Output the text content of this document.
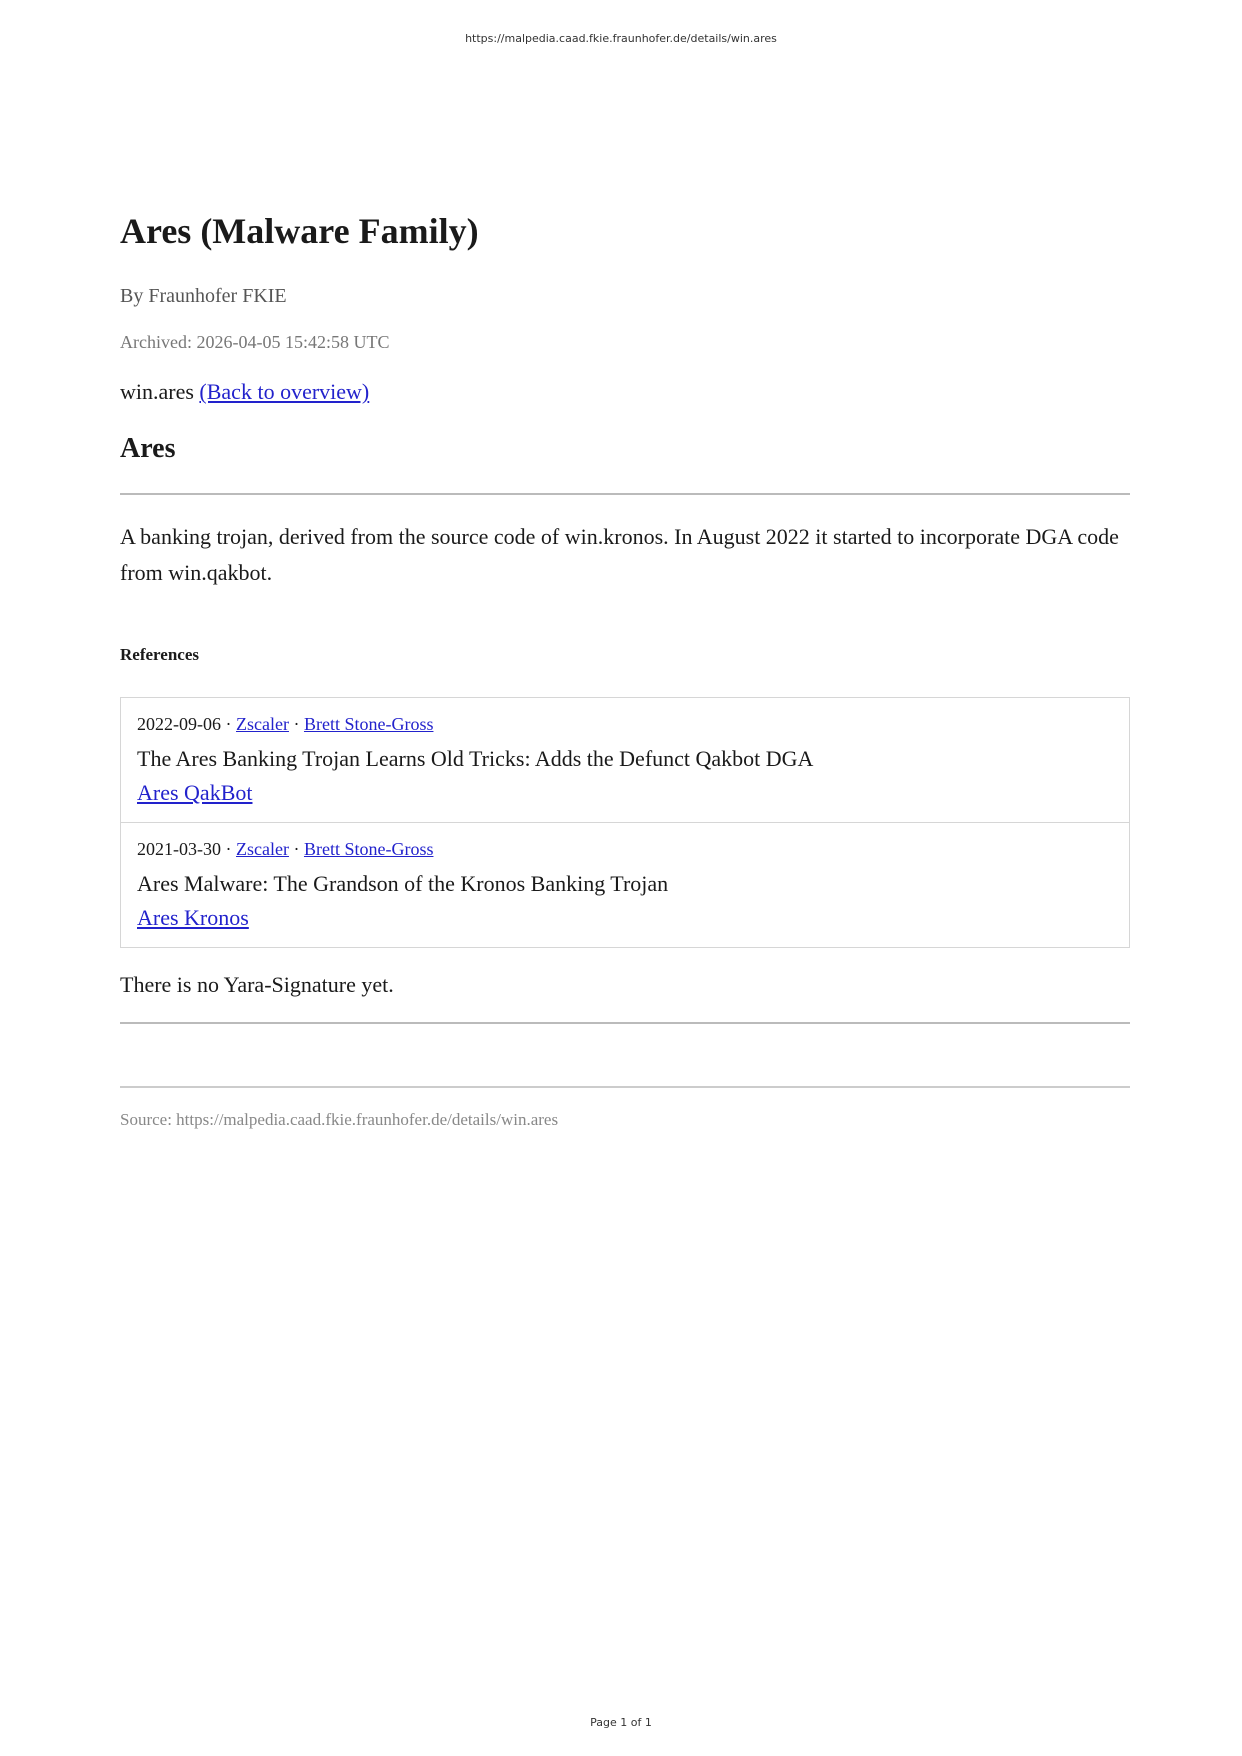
https://malpedia.caad.fkie.fraunhofer.de/details/win.ares
Ares (Malware Family)
By Fraunhofer FKIE
Archived: 2026-04-05 15:42:58 UTC
win.ares (Back to overview)
Ares
A banking trojan, derived from the source code of win.kronos. In August 2022 it started to incorporate DGA code from win.qakbot.
References
2022-09-06 · Zscaler · Brett Stone-Gross
The Ares Banking Trojan Learns Old Tricks: Adds the Defunct Qakbot DGA
Ares QakBot
2021-03-30 · Zscaler · Brett Stone-Gross
Ares Malware: The Grandson of the Kronos Banking Trojan
Ares Kronos
There is no Yara-Signature yet.
Source: https://malpedia.caad.fkie.fraunhofer.de/details/win.ares
Page 1 of 1
